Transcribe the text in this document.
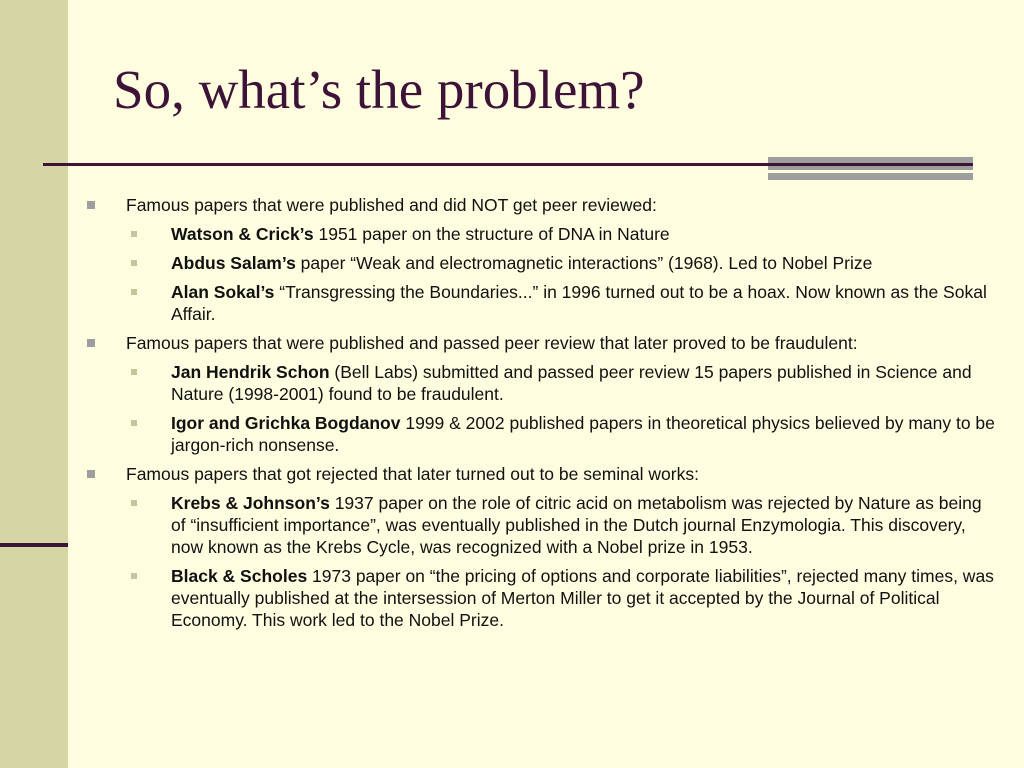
So, what’s the problem?
Famous papers that were published and did NOT get peer reviewed:
Watson & Crick’s 1951 paper on the structure of DNA in Nature
Abdus Salam’s paper “Weak and electromagnetic interactions” (1968). Led to Nobel Prize
Alan Sokal’s “Transgressing the Boundaries...” in 1996 turned out to be a hoax. Now known as the Sokal Affair.
Famous papers that were published and passed peer review that later proved to be fraudulent:
Jan Hendrik Schon (Bell Labs) submitted and passed peer review 15 papers published in Science and Nature (1998-2001) found to be fraudulent.
Igor and Grichka Bogdanov 1999 & 2002 published papers in theoretical physics believed by many to be jargon-rich nonsense.
Famous papers that got rejected that later turned out to be seminal works:
Krebs & Johnson’s 1937 paper on the role of citric acid on metabolism was rejected by Nature as being of “insufficient importance”, was eventually published in the Dutch journal Enzymologia. This discovery, now known as the Krebs Cycle, was recognized with a Nobel prize in 1953.
Black & Scholes 1973 paper on “the pricing of options and corporate liabilities”, rejected many times, was eventually published at the intersession of Merton Miller to get it accepted by the Journal of Political Economy. This work led to the Nobel Prize.
